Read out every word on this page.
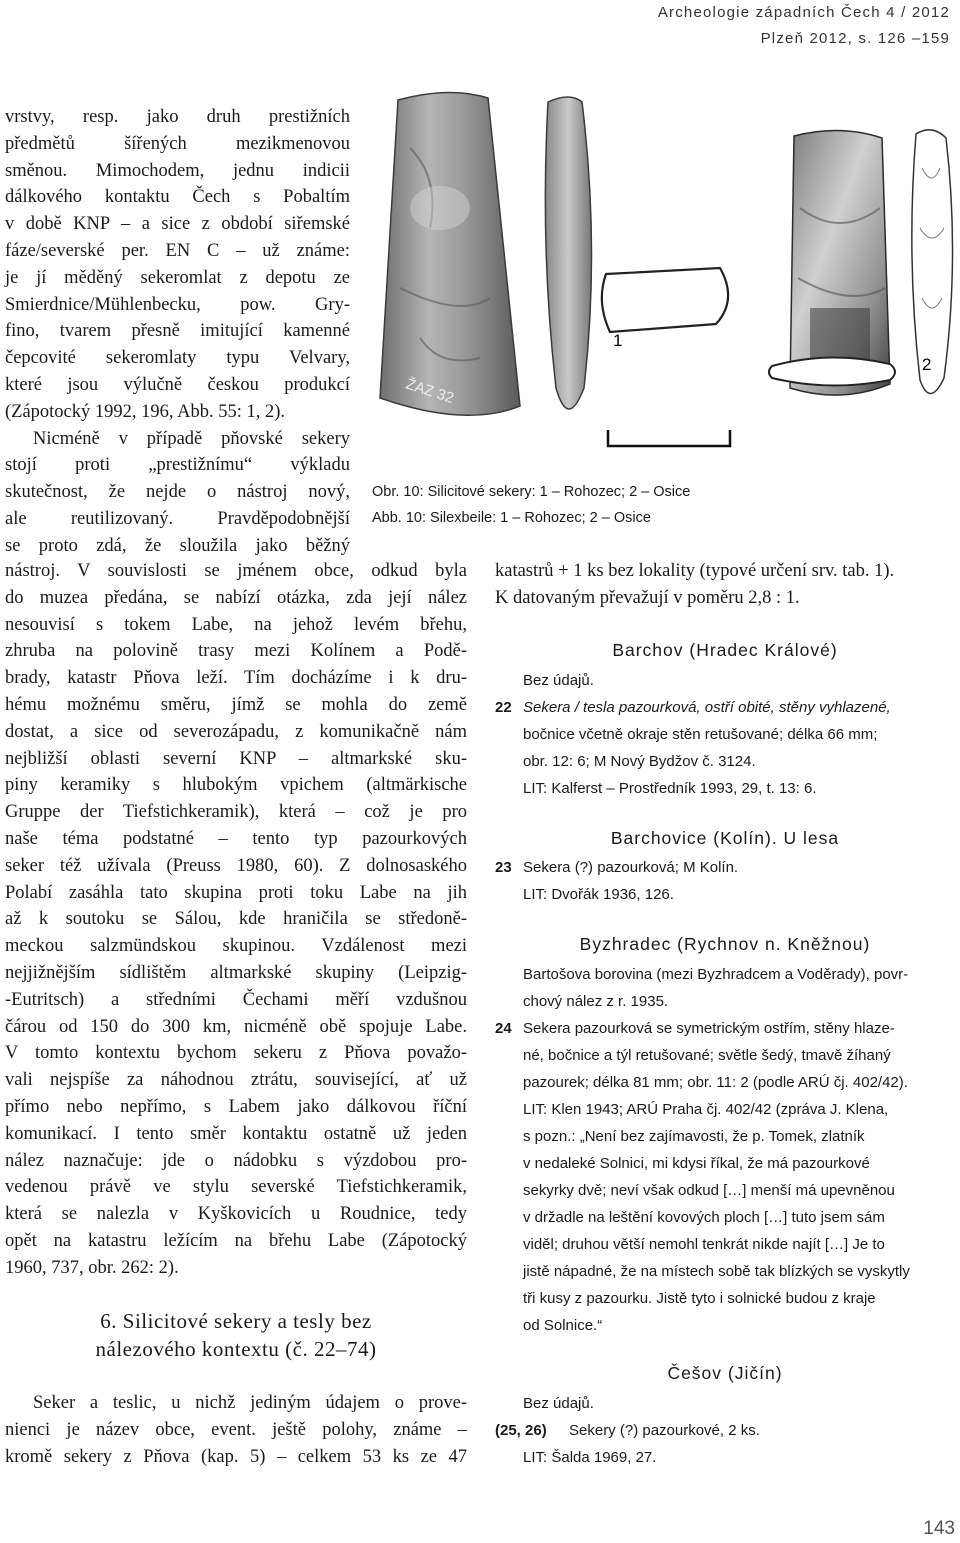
Archeologie západních Čech 4 / 2012
Plzeň 2012, s. 126 –159
ŽAZ 32
1
2
Obr. 10: Silicitové sekery: 1 – Rohozec; 2 – Osice
Abb. 10: Silexbeile: 1 – Rohozec; 2 – Osice
vrstvy, resp. jako druh prestižních
předmětů šířených mezikmenovou
směnou. Mimochodem, jednu indicii
dálkového kontaktu Čech s Pobaltím
v době KNP – a sice z období siřemské
fáze/severské per. EN C – už známe:
je jí měděný sekeromlat z depotu ze
Smierdnice/Mühlenbecku, pow. Gry-
fino, tvarem přesně imitující kamenné
čepcovité sekeromlaty typu Velvary,
které jsou výlučně českou produkcí
(Zápotocký 1992, 196, Abb. 55: 1, 2).
Nicméně v případě pňovské sekery
stojí proti „prestižnímu“ výkladu
skutečnost, že nejde o nástroj nový,
ale reutilizovaný. Pravděpodobnější
se proto zdá, že sloužila jako běžný
nástroj. V souvislosti se jménem obce, odkud byla
do muzea předána, se nabízí otázka, zda její nález
nesouvisí s tokem Labe, na jehož levém břehu,
zhruba na polovině trasy mezi Kolínem a Podě-
brady, katastr Pňova leží. Tím docházíme i k dru-
hému možnému směru, jímž se mohla do země
dostat, a sice od severozápadu, z komunikačně nám
nejbližší oblasti severní KNP – altmarkské sku-
piny keramiky s hlubokým vpichem (altmärkische
Gruppe der Tiefstichkeramik), která – což je pro
naše téma podstatné – tento typ pazourkových
seker též užívala (Preuss 1980, 60). Z dolnosaského
Polabí zasáhla tato skupina proti toku Labe na jih
až k soutoku se Sálou, kde hraničila se středoně-
meckou salzmündskou skupinou. Vzdálenost mezi
nejjižnějším sídlištěm altmarkské skupiny (Leipzig-
-Eutritsch) a středními Čechami měří vzdušnou
čárou od 150 do 300 km, nicméně obě spojuje Labe.
V tomto kontextu bychom sekeru z Pňova považo-
vali nejspíše za náhodnou ztrátu, související, ať už
přímo nebo nepřímo, s Labem jako dálkovou říční
komunikací. I tento směr kontaktu ostatně už jeden
nález naznačuje: jde o nádobku s výzdobou pro-
vedenou právě ve stylu severské Tiefstichkeramik,
která se nalezla v Kyškovicích u Roudnice, tedy
opět na katastru ležícím na břehu Labe (Zápotocký
1960, 737, obr. 262: 2).
6. Silicitové sekery a tesly bez
nálezového kontextu (č. 22–74)
Seker a teslic, u nichž jediným údajem o prove-
nienci je název obce, event. ještě polohy, známe –
kromě sekery z Pňova (kap. 5) – celkem 53 ks ze 47
katastrů + 1 ks bez lokality (typové určení srv. tab. 1).
K datovaným převažují v poměru 2,8 : 1.
Barchov (Hradec Králové)
Bez údajů.
22 Sekera / tesla pazourková, ostří obité, stěny vyhlazené,
bočnice včetně okraje stěn retušované; délka 66 mm;
obr. 12: 6; M Nový Bydžov č. 3124.
LIT: Kalferst – Prostředník 1993, 29, t. 13: 6.
Barchovice (Kolín). U lesa
23 Sekera (?) pazourková; M Kolín.
LIT: Dvořák 1936, 126.
Byzhradec (Rychnov n. Kněžnou)
Bartošova borovina (mezi Byzhradcem a Voděrady), povr-
chový nález z r. 1935.
24 Sekera pazourková se symetrickým ostřím, stěny hlaze-
né, bočnice a týl retušované; světle šedý, tmavě žíhaný
pazourek; délka 81 mm; obr. 11: 2 (podle ARÚ čj. 402/42).
LIT: Klen 1943; ARÚ Praha čj. 402/42 (zpráva J. Klena,
s pozn.: „Není bez zajímavosti, že p. Tomek, zlatník
v nedaleké Solnici, mi kdysi říkal, že má pazourkové
sekyrky dvě; neví však odkud […] menší má upevněnou
v držadle na leštění kovových ploch […] tuto jsem sám
viděl; druhou větší nemohl tenkrát nikde najít […] Je to
jistě nápadné, že na místech sobě tak blízkých se vyskytly
tři kusy z pazourku. Jistě tyto i solnické budou z kraje
od Solnice.“
Češov (Jičín)
Bez údajů.
(25, 26)	Sekery (?) pazourkové, 2 ks.
LIT: Šalda 1969, 27.
143
